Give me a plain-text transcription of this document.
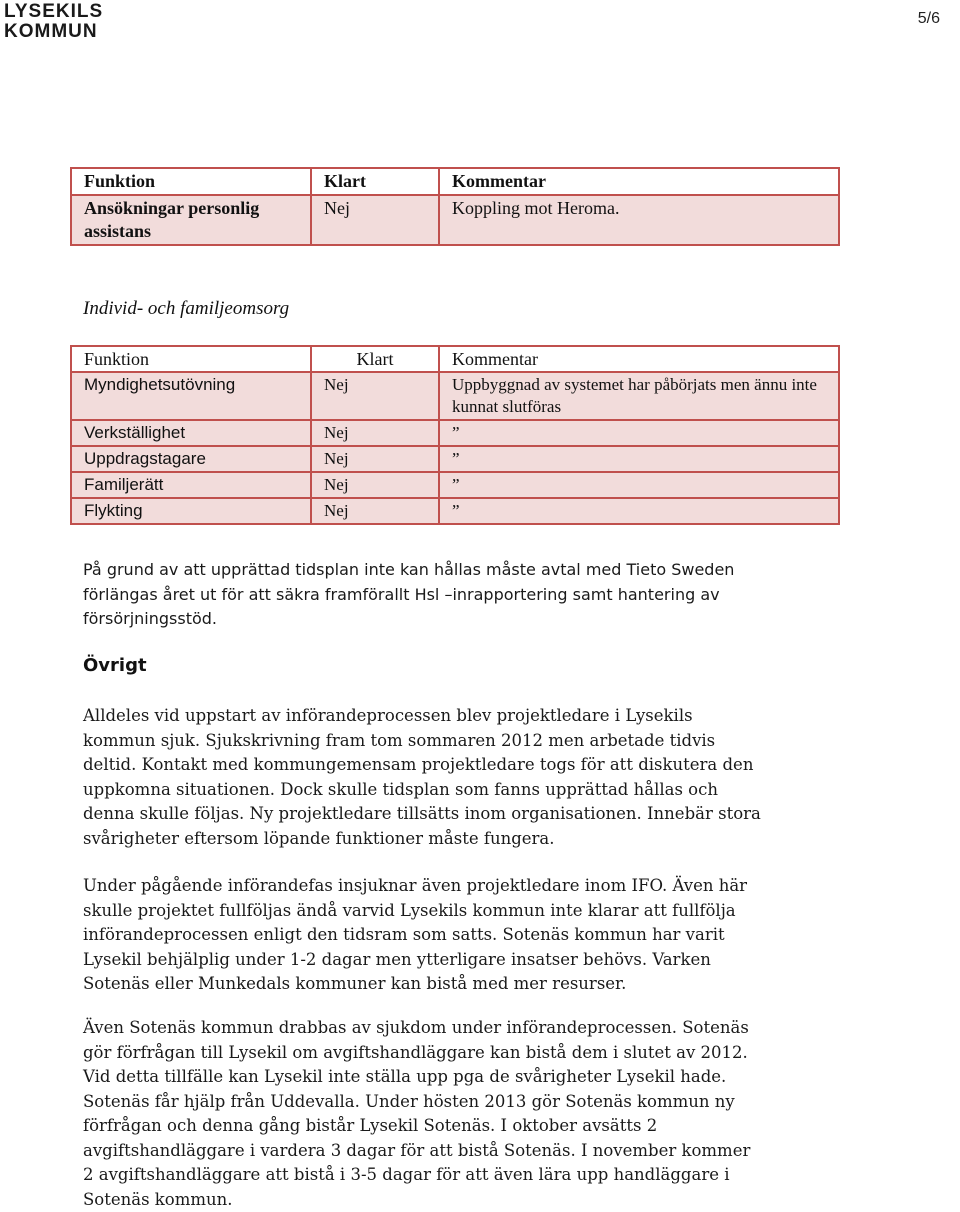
LYSEKILS
KOMMUN
5/6
Funktion	Klart	Kommentar
Ansökningar personlig assistans	Nej	Koppling mot Heroma.
Individ- och familjeomsorg
Funktion	Klart	Kommentar
Myndighetsutövning	Nej	Uppbyggnad av systemet har påbörjats men ännu inte kunnat slutföras
Verkställighet	Nej	”
Uppdragstagare	Nej	”
Familjerätt	Nej	”
Flykting	Nej	”

På grund av att upprättad tidsplan inte kan hållas måste avtal med Tieto Sweden förlängas året ut för att säkra framförallt Hsl –inrapportering samt hantering av försörjningsstöd.

Övrigt

Alldeles vid uppstart av införandeprocessen blev projektledare i Lysekils kommun sjuk. Sjukskrivning fram tom sommaren 2012 men arbetade tidvis deltid. Kontakt med kommungemensam projektledare togs för att diskutera den uppkomna situationen. Dock skulle tidsplan som fanns upprättad hållas och denna skulle följas. Ny projektledare tillsätts inom organisationen. Innebär stora svårigheter eftersom löpande funktioner måste fungera.

Under pågående införandefas insjuknar även projektledare inom IFO. Även här skulle projektet fullföljas ändå varvid Lysekils kommun inte klarar att fullfölja införandeprocessen enligt den tidsram som satts. Sotenäs kommun har varit Lysekil behjälplig under 1-2 dagar men ytterligare insatser behövs. Varken Sotenäs eller Munkedals kommuner kan bistå med mer resurser.

Även Sotenäs kommun drabbas av sjukdom under införandeprocessen. Sotenäs gör förfrågan till Lysekil om avgiftshandläggare kan bistå dem i slutet av 2012. Vid detta tillfälle kan Lysekil inte ställa upp pga de svårigheter Lysekil hade. Sotenäs får hjälp från Uddevalla. Under hösten 2013 gör Sotenäs kommun ny förfrågan och denna gång bistår Lysekil Sotenäs. I oktober avsätts 2 avgiftshandläggare i vardera 3 dagar för att bistå Sotenäs. I november kommer 2 avgiftshandläggare att bistå i 3-5 dagar för att även lära upp handläggare i Sotenäs kommun.
